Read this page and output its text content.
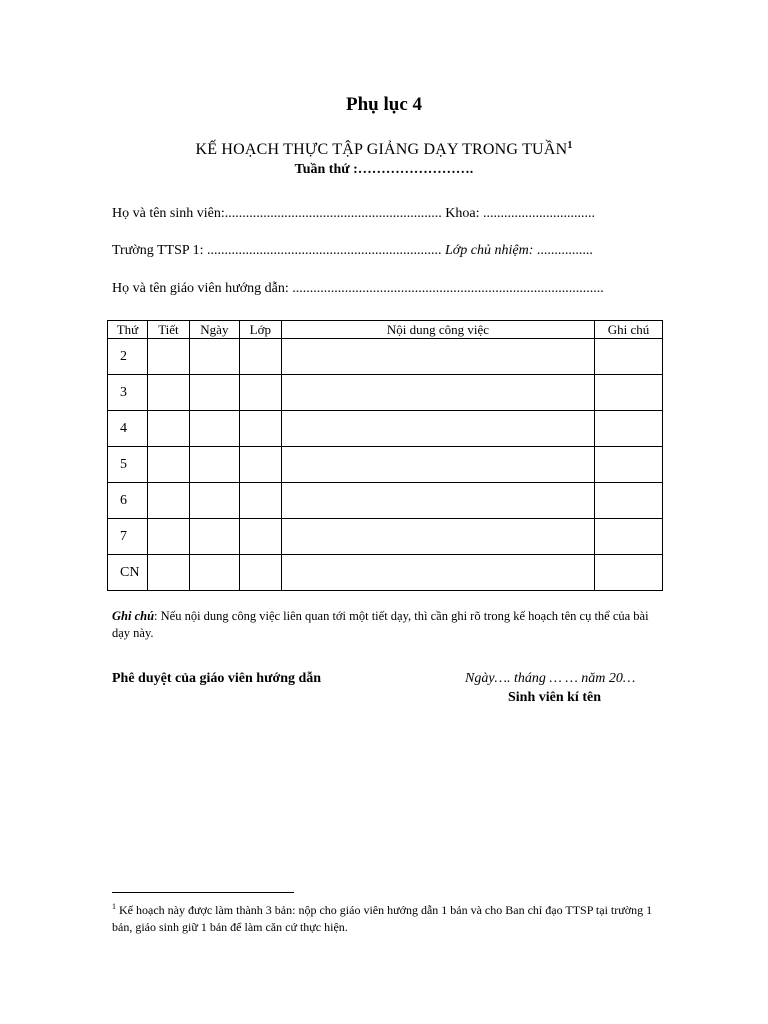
Phụ lục 4
KẾ HOẠCH THỰC TẬP GIẢNG DẠY TRONG TUẦN$^1$
Tuần thứ :…………………….
Họ và tên sinh viên: .............................................................. Khoa: ................................
Trường TTSP 1: ................................................................... Lớp chủ nhiệm: ................
Họ và tên giáo viên hướng dẫn: .........................................................................................
Thứ	Tiết	Ngày	Lớp	Nội dung công việc	Ghi chú
2					
3					
4					
5					
6					
7					
CN					
Ghi chú: Nếu nội dung công việc liên quan tới một tiết dạy, thì cần ghi rõ trong kế hoạch tên cụ thể của bài dạy này.
Phê duyệt của giáo viên hướng dẫn	Ngày…. tháng … … năm 20…
Sinh viên kí tên
$^1$ Kế hoạch này được làm thành 3 bản: nộp cho giáo viên hướng dẫn 1 bản và cho Ban chỉ đạo TTSP tại trường 1 bản, giáo sinh giữ 1 bản để làm căn cứ thực hiện.
